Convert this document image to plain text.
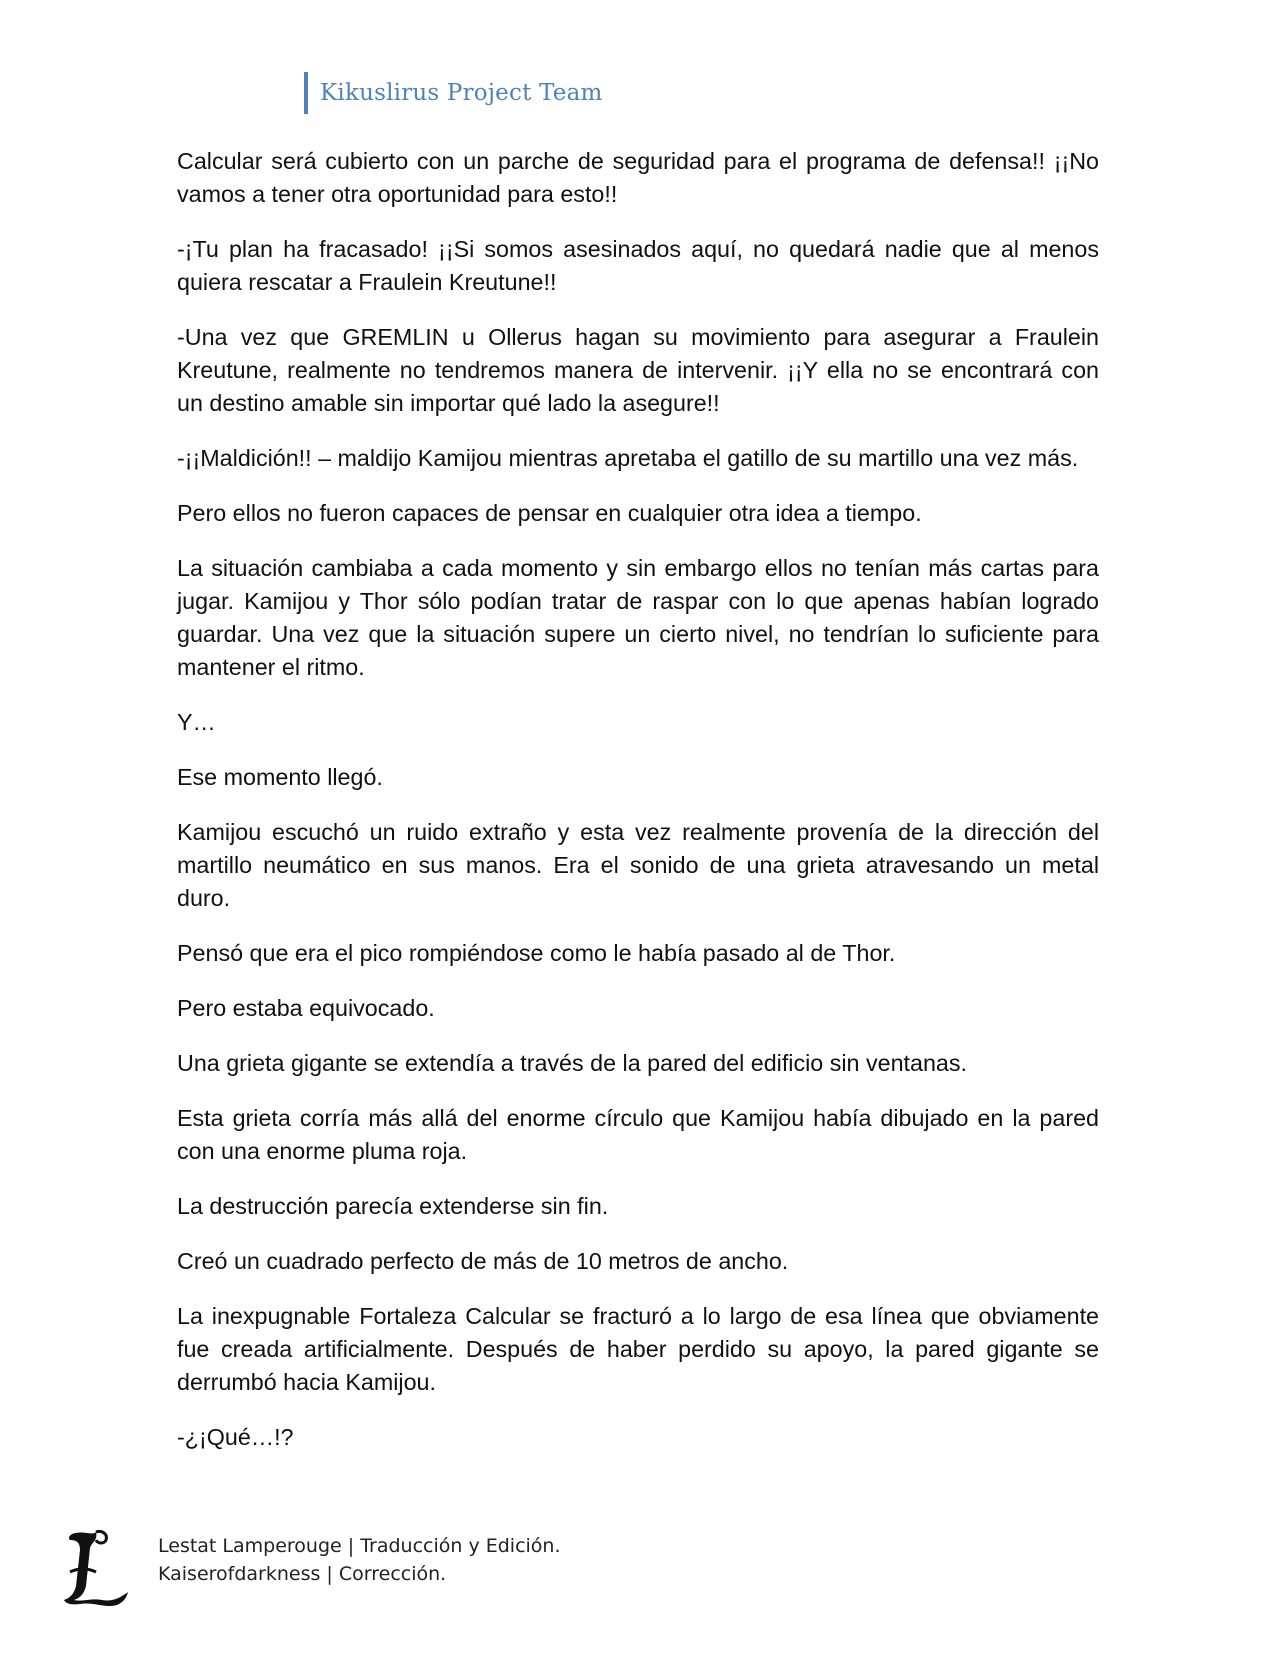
Kikuslirus Project Team

Calcular será cubierto con un parche de seguridad para el programa de defensa!! ¡¡No vamos a tener otra oportunidad para esto!!

-¡Tu plan ha fracasado! ¡¡Si somos asesinados aquí, no quedará nadie que al menos quiera rescatar a Fraulein Kreutune!!

-Una vez que GREMLIN u Ollerus hagan su movimiento para asegurar a Fraulein Kreutune, realmente no tendremos manera de intervenir. ¡¡Y ella no se encontrará con un destino amable sin importar qué lado la asegure!!

-¡¡Maldición!! – maldijo Kamijou mientras apretaba el gatillo de su martillo una vez más.

Pero ellos no fueron capaces de pensar en cualquier otra idea a tiempo.

La situación cambiaba a cada momento y sin embargo ellos no tenían más cartas para jugar. Kamijou y Thor sólo podían tratar de raspar con lo que apenas habían logrado guardar. Una vez que la situación supere un cierto nivel, no tendrían lo suficiente para mantener el ritmo.

Y…

Ese momento llegó.

Kamijou escuchó un ruido extraño y esta vez realmente provenía de la dirección del martillo neumático en sus manos. Era el sonido de una grieta atravesando un metal duro.

Pensó que era el pico rompiéndose como le había pasado al de Thor.

Pero estaba equivocado.

Una grieta gigante se extendía a través de la pared del edificio sin ventanas.

Esta grieta corría más allá del enorme círculo que Kamijou había dibujado en la pared con una enorme pluma roja.

La destrucción parecía extenderse sin fin.

Creó un cuadrado perfecto de más de 10 metros de ancho.

La inexpugnable Fortaleza Calcular se fracturó a lo largo de esa línea que obviamente fue creada artificialmente. Después de haber perdido su apoyo, la pared gigante se derrumbó hacia Kamijou.

-¿¡Qué…!?

Lestat Lamperouge | Traducción y Edición.
Kaiserofdarkness | Corrección.
